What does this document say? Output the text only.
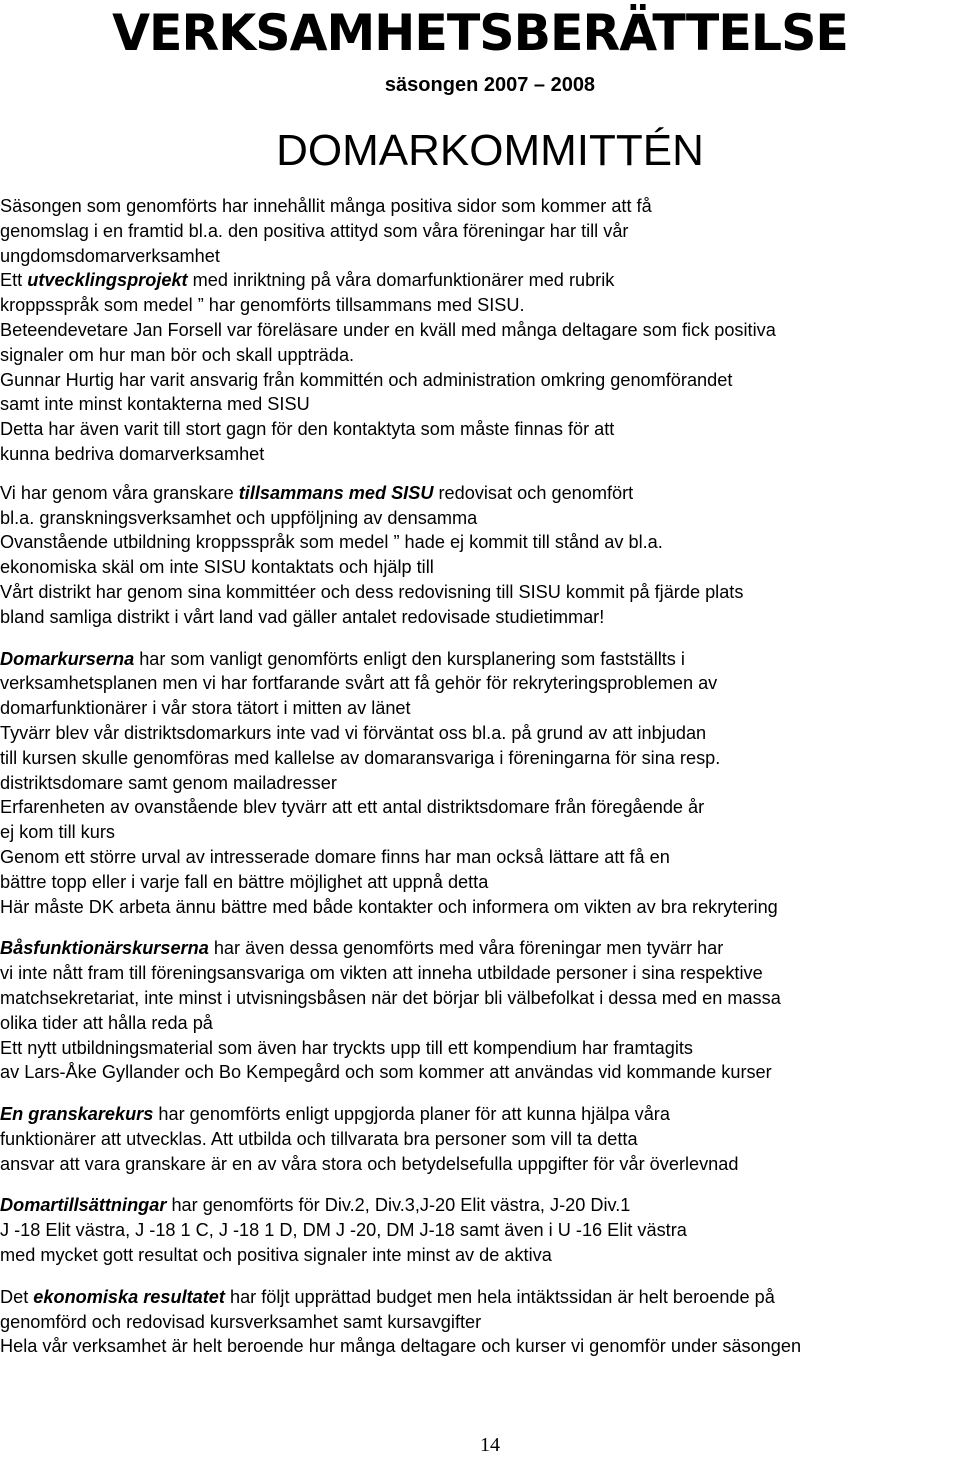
VERKSAMHETSBERÄTTELSE
säsongen 2007 – 2008
DOMARKOMMITTÉN

Säsongen som genomförts har innehållit många positiva sidor som kommer att få

genomslag i en framtid bl.a. den positiva attityd som våra föreningar har till vår

ungdomsdomarverksamhet

Ett utvecklingsprojekt med inriktning på våra domarfunktionärer med rubrik

kroppsspråk som medel ” har genomförts tillsammans med SISU.

Beteendevetare Jan Forsell var föreläsare under en kväll med många deltagare som fick positiva

signaler om hur man bör och skall uppträda.

Gunnar Hurtig har varit ansvarig från kommittén och administration omkring genomförandet

samt inte minst kontakterna med SISU

Detta har även varit till stort gagn för den kontaktyta som måste finnas för att

kunna bedriva domarverksamhet

Vi har genom våra granskare tillsammans med SISU redovisat och genomfört

bl.a. granskningsverksamhet och uppföljning av densamma

Ovanstående utbildning kroppsspråk som medel ” hade ej kommit till stånd av bl.a.

ekonomiska skäl om inte SISU kontaktats och hjälp till

Vårt distrikt har genom sina kommittéer och dess redovisning till SISU kommit på fjärde plats

bland samliga distrikt i vårt land vad gäller antalet redovisade studietimmar!

Domarkurserna har som vanligt genomförts enligt den kursplanering som fastställts i

verksamhetsplanen men vi har fortfarande svårt att få gehör för rekryteringsproblemen av

domarfunktionärer i vår stora tätort i mitten av länet

Tyvärr blev vår distriktsdomarkurs inte vad vi förväntat oss bl.a. på grund av att inbjudan

till kursen skulle genomföras med kallelse av domaransvariga i föreningarna för sina resp.

distriktsdomare samt genom mailadresser

Erfarenheten av ovanstående blev tyvärr att ett antal distriktsdomare från föregående år

ej kom till kurs

Genom ett större urval av intresserade domare finns har man också lättare att få en

bättre topp eller i varje fall en bättre möjlighet att uppnå detta

Här måste DK arbeta ännu bättre med både kontakter och informera om vikten av bra rekrytering

Båsfunktionärskurserna har även dessa genomförts med våra föreningar men tyvärr har

vi inte nått fram till föreningsansvariga om vikten att inneha utbildade personer i sina respektive

matchsekretariat, inte minst i utvisningsbåsen när det börjar bli välbefolkat i dessa med en massa

olika tider att hålla reda på

Ett nytt utbildningsmaterial som även har tryckts upp till ett kompendium har framtagits

av Lars-Åke Gyllander och Bo Kempegård och som kommer att användas vid kommande kurser

En granskarekurs har genomförts enligt uppgjorda planer för att kunna hjälpa våra

funktionärer att utvecklas. Att utbilda och tillvarata bra personer som vill ta detta

ansvar att vara granskare är en av våra stora och betydelsefulla uppgifter för vår överlevnad

Domartillsättningar har genomförts för Div.2, Div.3,J-20 Elit västra, J-20 Div.1

J -18 Elit västra, J -18 1 C, J -18 1 D, DM J -20, DM J-18 samt även i U -16 Elit västra

med mycket gott resultat och positiva signaler inte minst av de aktiva

Det ekonomiska resultatet har följt upprättad budget men hela intäktssidan är helt beroende på

genomförd och redovisad kursverksamhet samt kursavgifter

Hela vår verksamhet är helt beroende hur många deltagare och kurser vi genomför under säsongen

14
